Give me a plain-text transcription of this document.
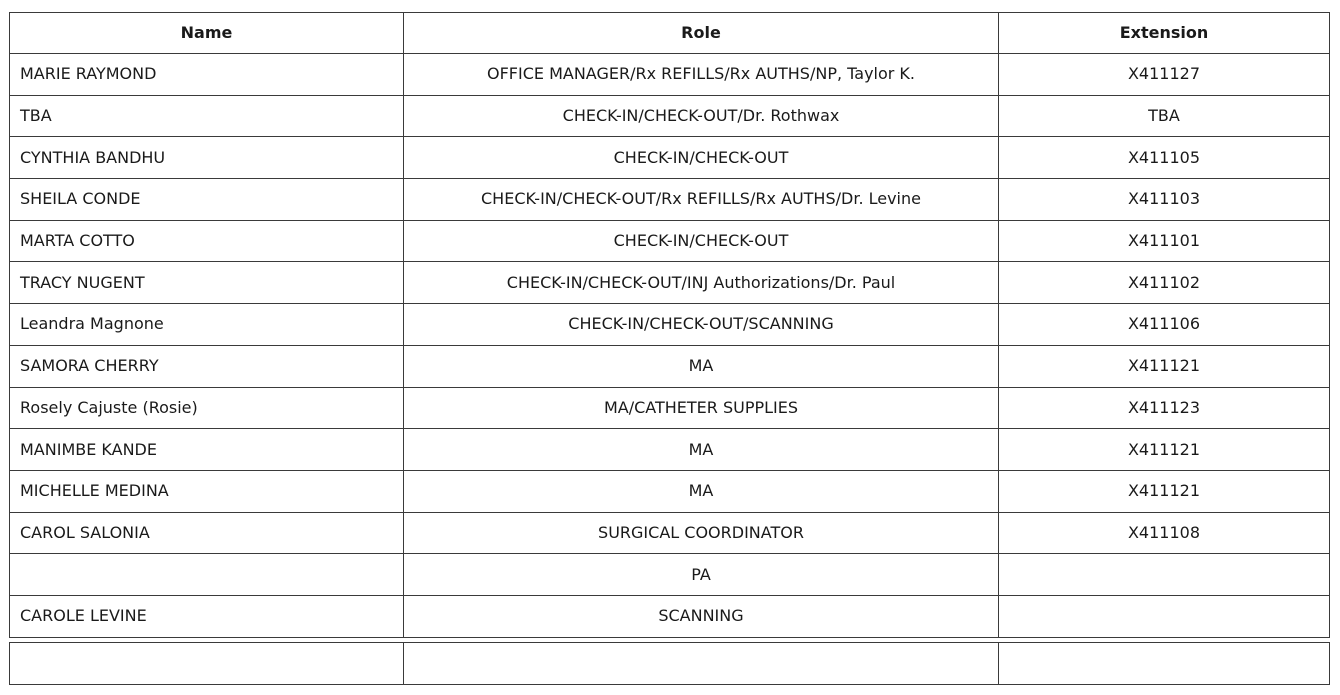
Name	Role	Extension
MARIE RAYMOND	OFFICE MANAGER/Rx REFILLS/Rx AUTHS/NP, Taylor K.	X411127
TBA	CHECK-IN/CHECK-OUT/Dr. Rothwax	TBA
CYNTHIA BANDHU	CHECK-IN/CHECK-OUT	X411105
SHEILA CONDE	CHECK-IN/CHECK-OUT/Rx REFILLS/Rx AUTHS/Dr. Levine	X411103
MARTA COTTO	CHECK-IN/CHECK-OUT	X411101
TRACY NUGENT	CHECK-IN/CHECK-OUT/INJ Authorizations/Dr. Paul	X411102
Leandra Magnone	CHECK-IN/CHECK-OUT/SCANNING	X411106
SAMORA CHERRY	MA	X411121
Rosely Cajuste (Rosie)	MA/CATHETER SUPPLIES	X411123
MANIMBE KANDE	MA	X411121
MICHELLE MEDINA	MA	X411121
CAROL SALONIA	SURGICAL COORDINATOR	X411108
	PA	
CAROLE LEVINE	SCANNING	
